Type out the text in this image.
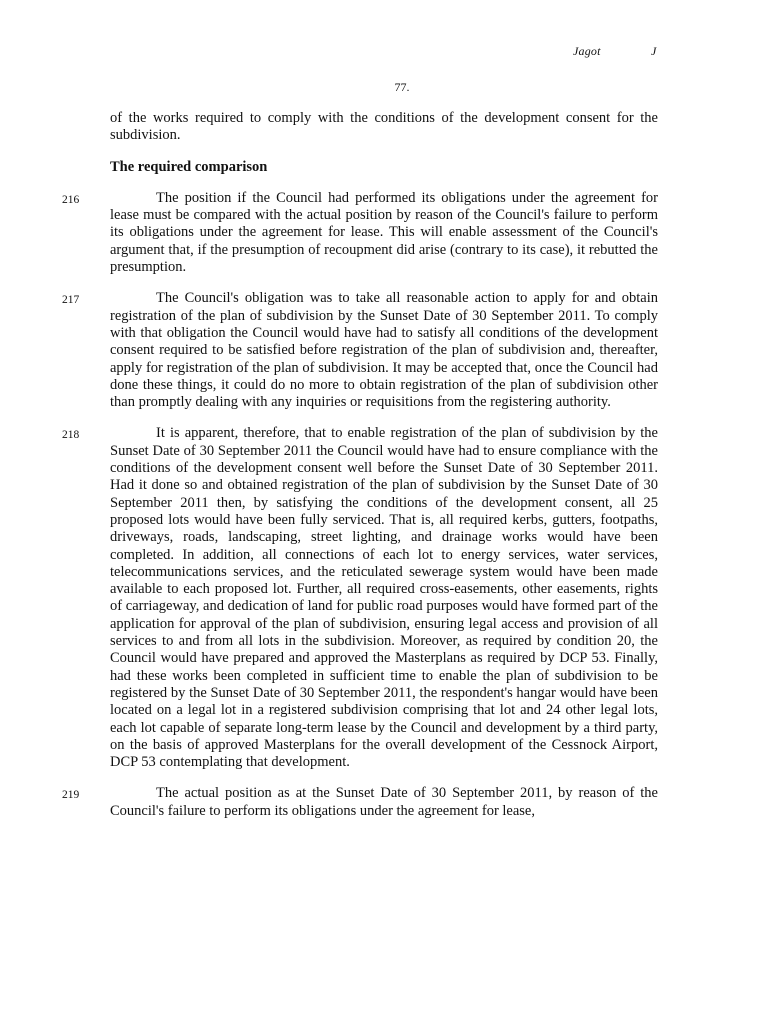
Jagot	J
77.

of the works required to comply with the conditions of the development consent for the subdivision.

The required comparison

216	The position if the Council had performed its obligations under the agreement for lease must be compared with the actual position by reason of the Council's failure to perform its obligations under the agreement for lease. This will enable assessment of the Council's argument that, if the presumption of recoupment did arise (contrary to its case), it rebutted the presumption.

217	The Council's obligation was to take all reasonable action to apply for and obtain registration of the plan of subdivision by the Sunset Date of 30 September 2011. To comply with that obligation the Council would have had to satisfy all conditions of the development consent required to be satisfied before registration of the plan of subdivision and, thereafter, apply for registration of the plan of subdivision. It may be accepted that, once the Council had done these things, it could do no more to obtain registration of the plan of subdivision other than promptly dealing with any inquiries or requisitions from the registering authority.

218	It is apparent, therefore, that to enable registration of the plan of subdivision by the Sunset Date of 30 September 2011 the Council would have had to ensure compliance with the conditions of the development consent well before the Sunset Date of 30 September 2011. Had it done so and obtained registration of the plan of subdivision by the Sunset Date of 30 September 2011 then, by satisfying the conditions of the development consent, all 25 proposed lots would have been fully serviced. That is, all required kerbs, gutters, footpaths, driveways, roads, landscaping, street lighting, and drainage works would have been completed. In addition, all connections of each lot to energy services, water services, telecommunications services, and the reticulated sewerage system would have been made available to each proposed lot. Further, all required cross-easements, other easements, rights of carriageway, and dedication of land for public road purposes would have formed part of the application for approval of the plan of subdivision, ensuring legal access and provision of all services to and from all lots in the subdivision. Moreover, as required by condition 20, the Council would have prepared and approved the Masterplans as required by DCP 53. Finally, had these works been completed in sufficient time to enable the plan of subdivision to be registered by the Sunset Date of 30 September 2011, the respondent's hangar would have been located on a legal lot in a registered subdivision comprising that lot and 24 other legal lots, each lot capable of separate long-term lease by the Council and development by a third party, on the basis of approved Masterplans for the overall development of the Cessnock Airport, DCP 53 contemplating that development.

219	The actual position as at the Sunset Date of 30 September 2011, by reason of the Council's failure to perform its obligations under the agreement for lease,
